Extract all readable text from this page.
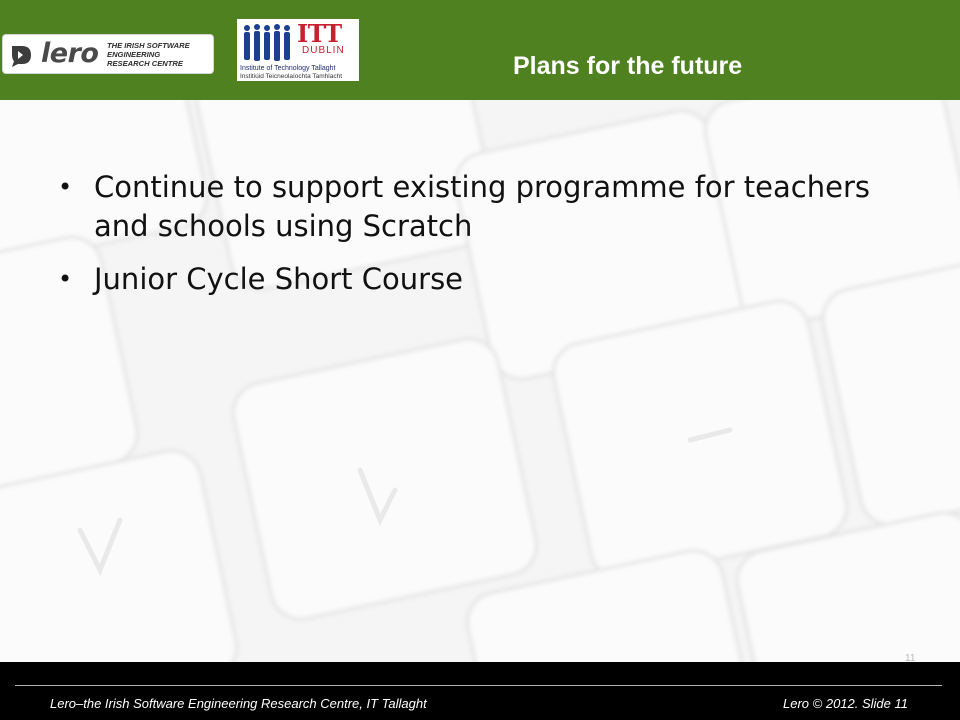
lero THE IRISH SOFTWARE
ENGINEERING
RESEARCH CENTRE
ITT
DUBLIN
Institute of Technology Tallaght
Institiúid Teicneolaíochta Tamhlacht	Plans for the future
• Continue to support existing programme for teachers and schools using Scratch
• Junior Cycle Short Course
11
Lero–the Irish Software Engineering Research Centre, IT Tallaght	Lero © 2012. Slide 11
